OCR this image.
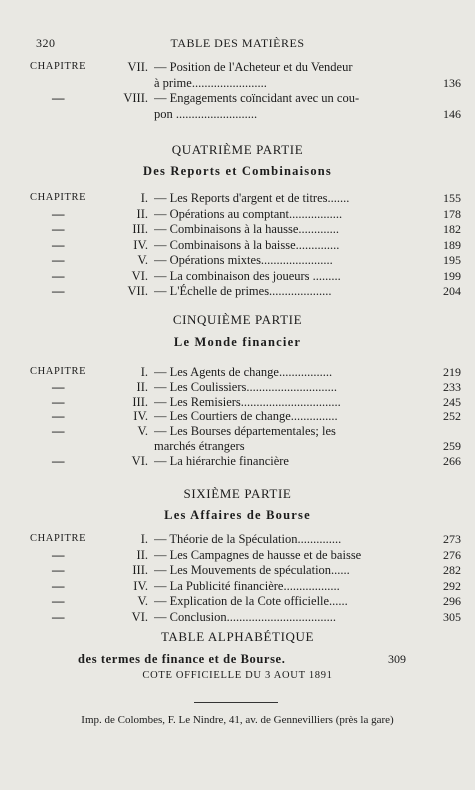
320	TABLE DES MATIÈRES
CHAPITRE	VII. — Position de l'Acheteur et du Vendeur
à prime........................	136
—	VIII. — Engagements coïncidant avec un cou-
pon ..........................	146
QUATRIÈME PARTIE
Des Reports et Combinaisons
CHAPITRE	I. — Les Reports d'argent et de titres.......	155
—	II. — Opérations au comptant.................	178
—	III. — Combinaisons à la hausse.............	182
—	IV. — Combinaisons à la baisse..............	189
—	V. — Opérations mixtes.......................	195
—	VI. — La combinaison des joueurs .........	199
—	VII. — L'Échelle de primes....................	204
CINQUIÈME PARTIE
Le Monde financier
CHAPITRE	I. — Les Agents de change.................	219
—	II. — Les Coulissiers.............................	233
—	III. — Les Remisiers................................	245
—	IV. — Les Courtiers de change...............	252
—	V. — Les Bourses départementales; les
marchés étrangers	259
—	VI. — La hiérarchie financière	266
SIXIÈME PARTIE
Les Affaires de Bourse
CHAPITRE	I. — Théorie de la Spéculation..............	273
—	II. — Les Campagnes de hausse et de baisse	276
—	III. — Les Mouvements de spéculation......	282
—	IV. — La Publicité financière..................	292
—	V. — Explication de la Cote officielle......	296
—	VI. — Conclusion...................................	305
TABLE ALPHABÉTIQUE
des termes de finance et de Bourse.	309
COTE OFFICIELLE DU 3 AOUT 1891
Imp. de Colombes, F. Le Nindre, 41, av. de Gennevilliers (près la gare)
